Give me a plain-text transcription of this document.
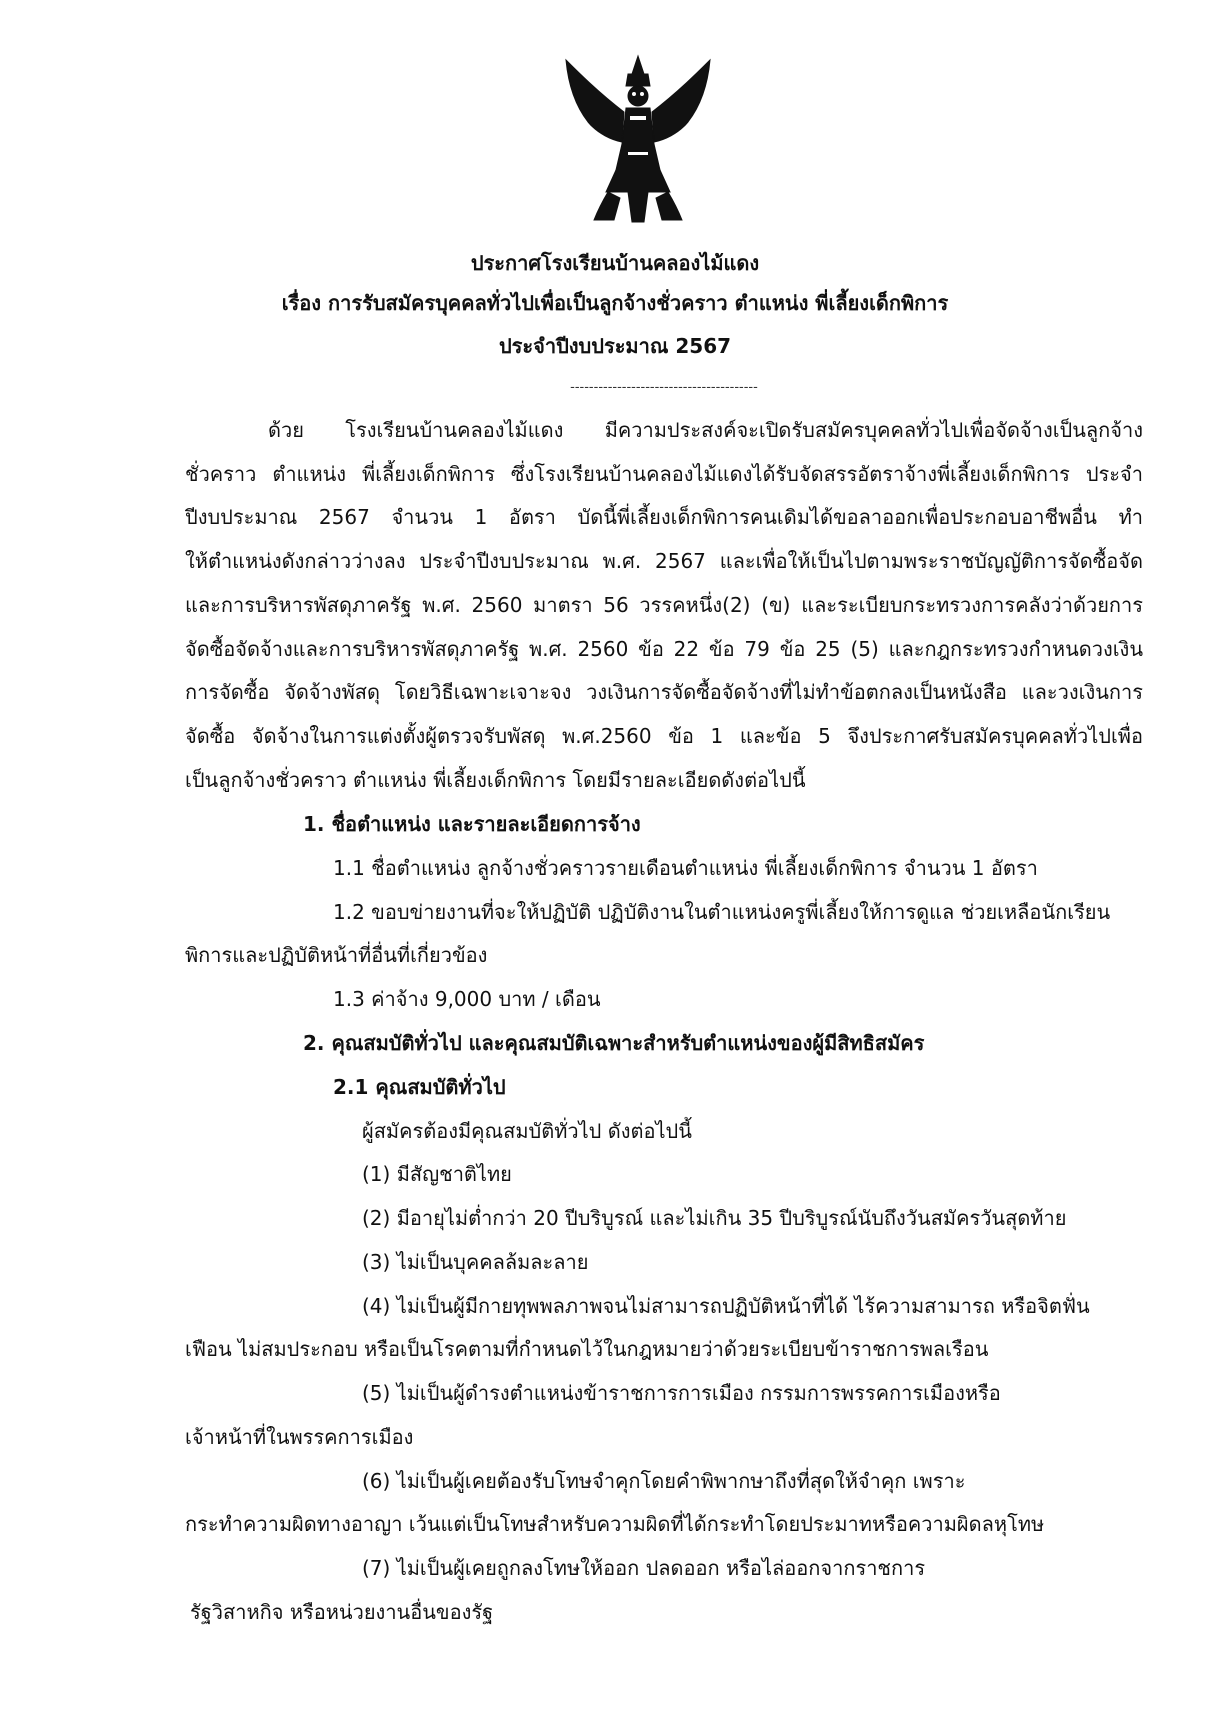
ประกาศโรงเรียนบ้านคลองไม้แดง
เรื่อง การรับสมัครบุคคลทั่วไปเพื่อเป็นลูกจ้างชั่วคราว ตำแหน่ง พี่เลี้ยงเด็กพิการ
ประจำปีงบประมาณ 2567
----------------------------------------
ด้วย โรงเรียนบ้านคลองไม้แดง มีความประสงค์จะเปิดรับสมัครบุคคลทั่วไปเพื่อจัดจ้างเป็นลูกจ้าง
ชั่วคราว ตำแหน่ง พี่เลี้ยงเด็กพิการ ซึ่งโรงเรียนบ้านคลองไม้แดงได้รับจัดสรรอัตราจ้างพี่เลี้ยงเด็กพิการ ประจำ
ปีงบประมาณ 2567 จำนวน 1 อัตรา บัดนี้พี่เลี้ยงเด็กพิการคนเดิมได้ขอลาออกเพื่อประกอบอาชีพอื่น ทำ
ให้ตำแหน่งดังกล่าวว่างลง ประจำปีงบประมาณ พ.ศ. 2567 และเพื่อให้เป็นไปตามพระราชบัญญัติการจัดซื้อจัด
และการบริหารพัสดุภาครัฐ พ.ศ. 2560 มาตรา 56 วรรคหนึ่ง(2) (ข) และระเบียบกระทรวงการคลังว่าด้วยการ
จัดซื้อจัดจ้างและการบริหารพัสดุภาครัฐ พ.ศ. 2560 ข้อ 22 ข้อ 79 ข้อ 25 (5) และกฎกระทรวงกำหนดวงเงิน
การจัดซื้อ จัดจ้างพัสดุ โดยวิธีเฉพาะเจาะจง วงเงินการจัดซื้อจัดจ้างที่ไม่ทำข้อตกลงเป็นหนังสือ และวงเงินการ
จัดซื้อ จัดจ้างในการแต่งตั้งผู้ตรวจรับพัสดุ พ.ศ.2560 ข้อ 1 และข้อ 5 จึงประกาศรับสมัครบุคคลทั่วไปเพื่อ
เป็นลูกจ้างชั่วคราว ตำแหน่ง พี่เลี้ยงเด็กพิการ โดยมีรายละเอียดดังต่อไปนี้
1. ชื่อตำแหน่ง และรายละเอียดการจ้าง
1.1 ชื่อตำแหน่ง ลูกจ้างชั่วคราวรายเดือนตำแหน่ง พี่เลี้ยงเด็กพิการ จำนวน 1 อัตรา
1.2 ขอบข่ายงานที่จะให้ปฏิบัติ ปฏิบัติงานในตำแหน่งครูพี่เลี้ยงให้การดูแล ช่วยเหลือนักเรียน
พิการและปฏิบัติหน้าที่อื่นที่เกี่ยวข้อง
1.3 ค่าจ้าง 9,000 บาท / เดือน
2. คุณสมบัติทั่วไป และคุณสมบัติเฉพาะสำหรับตำแหน่งของผู้มีสิทธิสมัคร
2.1 คุณสมบัติทั่วไป
ผู้สมัครต้องมีคุณสมบัติทั่วไป ดังต่อไปนี้
(1) มีสัญชาติไทย
(2) มีอายุไม่ต่ำกว่า 20 ปีบริบูรณ์ และไม่เกิน 35 ปีบริบูรณ์นับถึงวันสมัครวันสุดท้าย
(3) ไม่เป็นบุคคลล้มละลาย
(4) ไม่เป็นผู้มีกายทุพพลภาพจนไม่สามารถปฏิบัติหน้าที่ได้ ไร้ความสามารถ หรือจิตฟั่น
เฟือน ไม่สมประกอบ หรือเป็นโรคตามที่กำหนดไว้ในกฎหมายว่าด้วยระเบียบข้าราชการพลเรือน
(5) ไม่เป็นผู้ดำรงตำแหน่งข้าราชการการเมือง กรรมการพรรคการเมืองหรือ
เจ้าหน้าที่ในพรรคการเมือง
(6) ไม่เป็นผู้เคยต้องรับโทษจำคุกโดยคำพิพากษาถึงที่สุดให้จำคุก เพราะ
กระทำความผิดทางอาญา เว้นแต่เป็นโทษสำหรับความผิดที่ได้กระทำโดยประมาทหรือความผิดลหุโทษ
(7) ไม่เป็นผู้เคยถูกลงโทษให้ออก ปลดออก หรือไล่ออกจากราชการ
รัฐวิสาหกิจ หรือหน่วยงานอื่นของรัฐ
